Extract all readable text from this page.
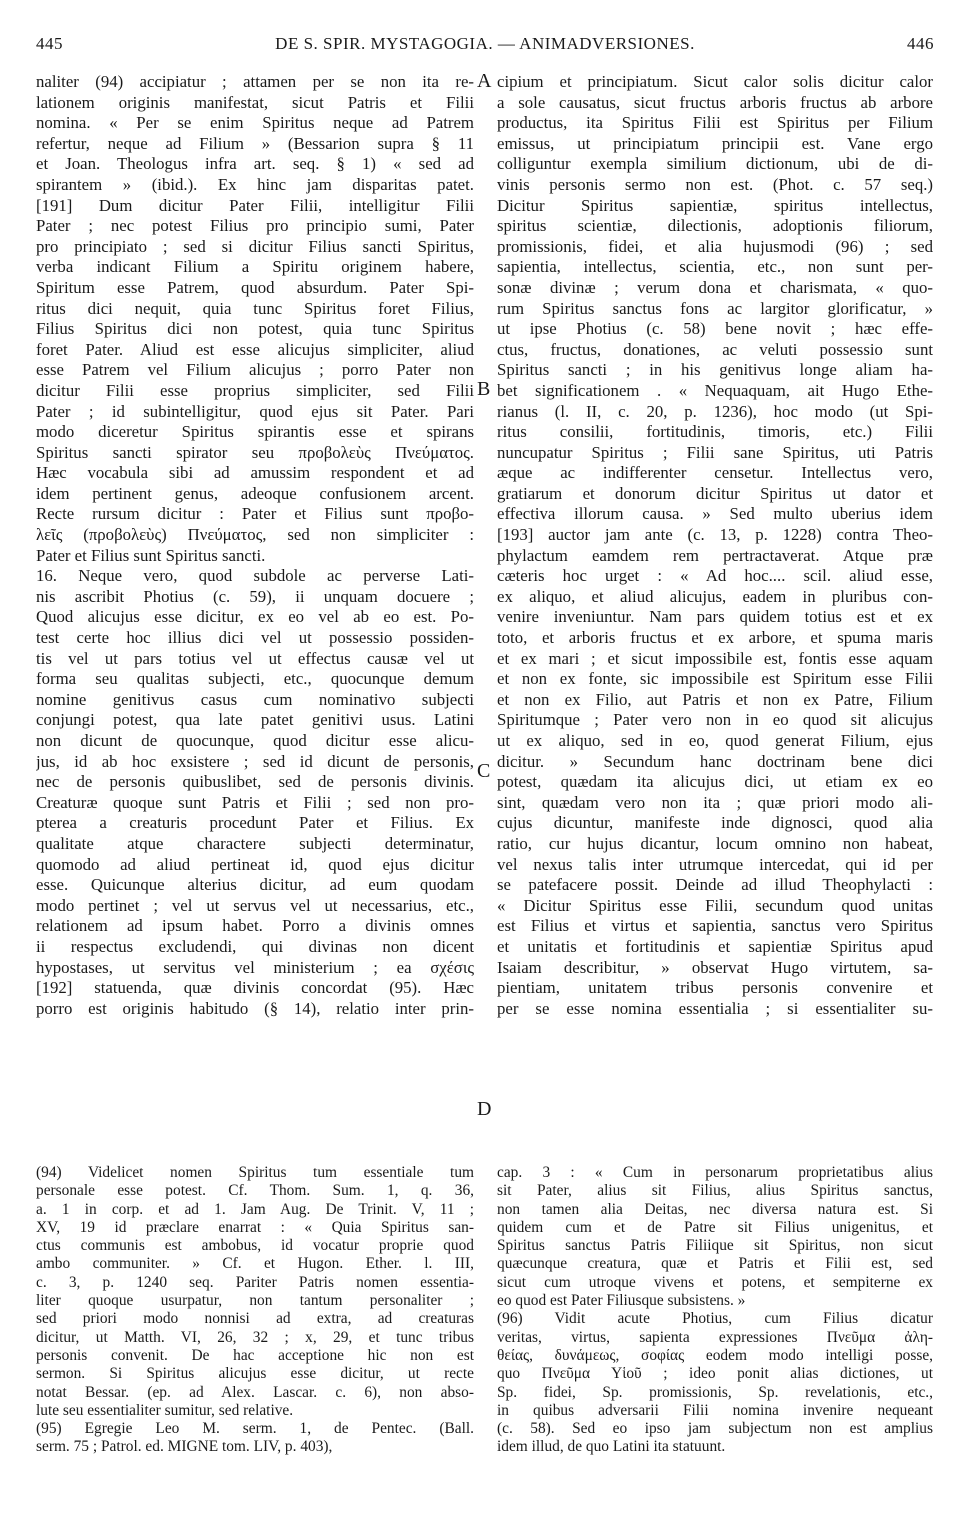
445	DE S. SPIR. MYSTAGOGIA. — ANIMADVERSIONES.	446
naliter (94) accipiatur ; attamen per se non ita re-
lationem originis manifestat, sicut Patris et Filii
nomina. « Per se enim Spiritus neque ad Patrem
refertur, neque ad Filium » (Bessarion supra § 11
et Joan. Theologus infra art. seq. § 1) « sed ad
spirantem » (ibid.). Ex hinc jam disparitas patet.
[191] Dum dicitur Pater Filii, intelligitur Filii
Pater ; nec potest Filius pro principio sumi, Pater
pro principiato ; sed si dicitur Filius sancti Spiritus,
verba indicant Filium a Spiritu originem habere,
Spiritum esse Patrem, quod absurdum. Pater Spi-
ritus dici nequit, quia tunc Spiritus foret Filius,
Filius Spiritus dici non potest, quia tunc Spiritus
foret Pater. Aliud est esse alicujus simpliciter, aliud
esse Patrem vel Filium alicujus ; porro Pater non
dicitur Filii esse proprius simpliciter, sed Filii
Pater ; id subintelligitur, quod ejus sit Pater. Pari
modo diceretur Spiritus spirantis esse et spirans
Spiritus sancti spirator seu προβολεὺς Πνεύματος.
Hæc vocabula sibi ad amussim respondent et ad
idem pertinent genus, adeoque confusionem arcent.
Recte rursum dicitur : Pater et Filius sunt προβο-
λεῖς (προβολεὺς) Πνεύματος, sed non simpliciter :
Pater et Filius sunt Spiritus sancti.
16. Neque vero, quod subdole ac perverse Lati-
nis ascribit Photius (c. 59), ii unquam docuere ;
Quod alicujus esse dicitur, ex eo vel ab eo est. Po-
test certe hoc illius dici vel ut possessio possiden-
tis vel ut pars totius vel ut effectus causæ vel ut
forma seu qualitas subjecti, etc., quocunque demum
nomine genitivus casus cum nominativo subjecti
conjungi potest, qua late patet genitivi usus. Latini
non dicunt de quocunque, quod dicitur esse alicu-
jus, id ab hoc exsistere ; sed id dicunt de personis,
nec de personis quibuslibet, sed de personis divinis.
Creaturæ quoque sunt Patris et Filii ; sed non pro-
pterea a creaturis procedunt Pater et Filius. Ex
qualitate atque charactere subjecti determinatur,
quomodo ad aliud pertineat id, quod ejus dicitur
esse. Quicunque alterius dicitur, ad eum quodam
modo pertinet ; vel ut servus vel ut necessarius, etc.,
relationem ad ipsum habet. Porro a divinis omnes
ii respectus excludendi, qui divinas non dicent
hypostases, ut servitus vel ministerium ; ea σχέσις
[192] statuenda, quæ divinis concordat (95). Hæc
porro est originis habitudo (§ 14), relatio inter prin-
cipium et principiatum. Sicut calor solis dicitur calor
a sole causatus, sicut fructus arboris fructus ab arbore
productus, ita Spiritus Filii est Spiritus per Filium
emissus, ut principiatum principii est. Vane ergo
colliguntur exempla similium dictionum, ubi de di-
vinis personis sermo non est. (Phot. c. 57 seq.)
Dicitur Spiritus sapientiæ, spiritus intellectus,
spiritus scientiæ, dilectionis, adoptionis filiorum,
promissionis, fidei, et alia hujusmodi (96) ; sed
sapientia, intellectus, scientia, etc., non sunt per-
sonæ divinæ ; verum dona et charismata, « quo-
rum Spiritus sanctus fons ac largitor glorificatur, »
ut ipse Photius (c. 58) bene novit ; hæc effe-
ctus, fructus, donationes, ac veluti possessio sunt
Spiritus sancti ; in his genitivus longe aliam ha-
bet significationem . « Nequaquam, ait Hugo Ethe-
rianus (l. II, c. 20, p. 1236), hoc modo (ut Spi-
ritus consilii, fortitudinis, timoris, etc.) Filii
nuncupatur Spiritus ; Filii sane Spiritus, uti Patris
æque ac indifferenter censetur. Intellectus vero,
gratiarum et donorum dicitur Spiritus ut dator et
effectiva illorum causa. » Sed multo uberius idem
[193] auctor jam ante (c. 13, p. 1228) contra Theo-
phylactum eamdem rem pertractaverat. Atque præ
cæteris hoc urget : « Ad hoc.... scil. aliud esse,
ex aliquo, et aliud alicujus, eadem in pluribus con-
venire inveniuntur. Nam pars quidem totius est et ex
toto, et arboris fructus et ex arbore, et spuma maris
et ex mari ; et sicut impossibile est, fontis esse aquam
et non ex fonte, sic impossibile est Spiritum esse Filii
et non ex Filio, aut Patris et non ex Patre, Filium
Spiritumque ; Pater vero non in eo quod sit alicujus
ut ex aliquo, sed in eo, quod generat Filium, ejus
dicitur. » Secundum hanc doctrinam bene dici
potest, quædam ita alicujus dici, ut etiam ex eo
sint, quædam vero non ita ; quæ priori modo ali-
cujus dicuntur, manifeste inde dignosci, quod alia
ratio, cur hujus dicantur, locum omnino non habeat,
vel nexus talis inter utrumque intercedat, qui id per
se patefacere possit. Deinde ad illud Theophylacti :
« Dicitur Spiritus esse Filii, secundum quod unitas
est Filius et virtus et sapientia, sanctus vero Spiritus
et unitatis et fortitudinis et sapientiæ Spiritus apud
Isaiam describitur, » observat Hugo virtutem, sa-
pientiam, unitatem tribus personis convenire et
per se esse nomina essentialia ; si essentialiter su-
A
B
C
D
(94) Videlicet nomen Spiritus tum essentiale tum
personale esse potest. Cf. Thom. Sum. 1, q. 36,
a. 1 in corp. et ad 1. Jam Aug. De Trinit. V, 11 ;
XV, 19 id præclare enarrat : « Quia Spiritus san-
ctus communis est ambobus, id vocatur proprie quod
ambo communiter. » Cf. et Hugon. Ether. l. III,
c. 3, p. 1240 seq. Pariter Patris nomen essentia-
liter quoque usurpatur, non tantum personaliter ;
sed priori modo nonnisi ad extra, ad creaturas
dicitur, ut Matth. VI, 26, 32 ; x, 29, et tunc tribus
personis convenit. De hac acceptione hic non est
sermon. Si Spiritus alicujus esse dicitur, ut recte
notat Bessar. (ep. ad Alex. Lascar. c. 6), non abso-
lute seu essentialiter sumitur, sed relative.
(95) Egregie Leo M. serm. 1, de Pentec. (Ball.
serm. 75 ; Patrol. ed. MIGNE tom. LIV, p. 403),
cap. 3 : « Cum in personarum proprietatibus alius
sit Pater, alius sit Filius, alius Spiritus sanctus,
non tamen alia Deitas, nec diversa natura est. Si
quidem cum et de Patre sit Filius unigenitus, et
Spiritus sanctus Patris Filiique sit Spiritus, non sicut
quæcunque creatura, quæ et Patris et Filii est, sed
sicut cum utroque vivens et potens, et sempiterne ex
eo quod est Pater Filiusque subsistens. »
(96) Vidit acute Photius, cum Filius dicatur
veritas, virtus, sapienta expressiones Πνεῦμα ἀλη-
θείας, δυνάμεως, σοφίας eodem modo intelligi posse,
quo Πνεῦμα Υἱοῦ ; ideo ponit alias dictiones, ut
Sp. fidei, Sp. promissionis, Sp. revelationis, etc.,
in quibus adversarii Filii nomina invenire nequeant
(c. 58). Sed eo ipso jam subjectum non est amplius
idem illud, de quo Latini ita statuunt.
